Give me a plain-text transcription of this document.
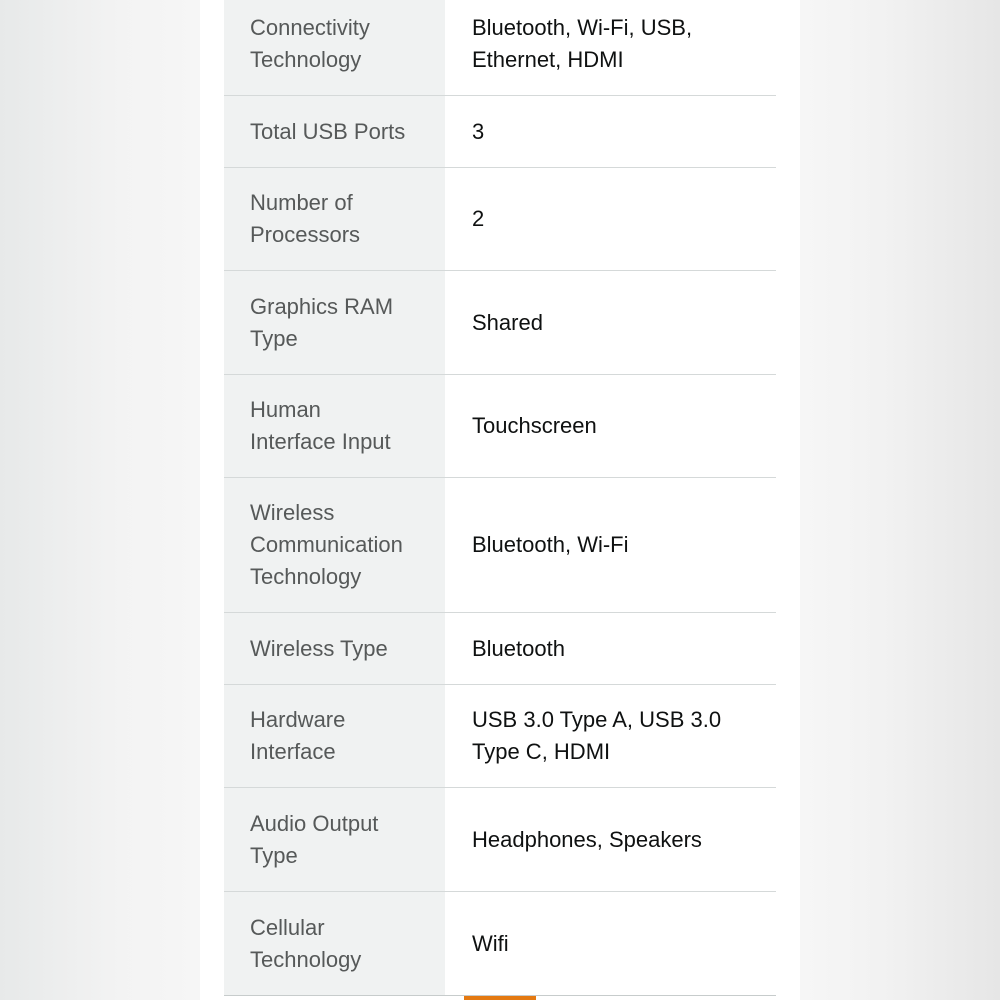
Connectivity
Technology
Bluetooth, Wi-Fi, USB,
Ethernet, HDMI
Total USB Ports	3
Number of
Processors
2
Graphics RAM
Type
Shared
Human
Interface Input
Touchscreen
Wireless
Communication
Technology
Bluetooth, Wi-Fi
Wireless Type	Bluetooth
Hardware
Interface
USB 3.0 Type A, USB 3.0
Type C, HDMI
Audio Output
Type
Headphones, Speakers
Cellular
Technology
Wifi
